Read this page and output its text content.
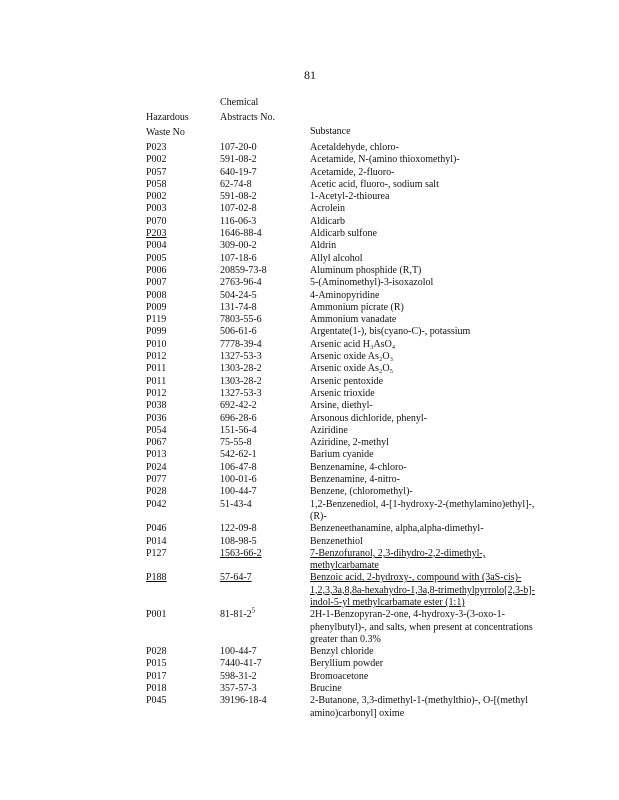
81
Hazardous
Waste No
Chemical
Abstracts No.
Substance
P023	107-20-0	Acetaldehyde, chloro-
P002	591-08-2	Acetamide, N-(amino thioxomethyl)-
P057	640-19-7	Acetamide, 2-fluoro-
P058	62-74-8	Acetic acid, fluoro-, sodium salt
P002	591-08-2	1-Acetyl-2-thiourea
P003	107-02-8	Acrolein
P070	116-06-3	Aldicarb
P203	1646-88-4	Aldicarb sulfone
P004	309-00-2	Aldrin
P005	107-18-6	Allyl alcohol
P006	20859-73-8	Aluminum phosphide (R,T)
P007	2763-96-4	5-(Aminomethyl)-3-isoxazolol
P008	504-24-5	4-Aminopyridine
P009	131-74-8	Ammonium picrate (R)
P119	7803-55-6	Ammonium vanadate
P099	506-61-6	Argentate(1-), bis(cyano-C)-, potassium
P010	7778-39-4	Arsenic acid H₃AsO₄
P012	1327-53-3	Arsenic oxide As₂O₃
P011	1303-28-2	Arsenic oxide As₂O₅
P011	1303-28-2	Arsenic pentoxide
P012	1327-53-3	Arsenic trioxide
P038	692-42-2	Arsine, diethyl-
P036	696-28-6	Arsonous dichloride, phenyl-
P054	151-56-4	Aziridine
P067	75-55-8	Aziridine, 2-methyl
P013	542-62-1	Barium cyanide
P024	106-47-8	Benzenamine, 4-chloro-
P077	100-01-6	Benzenamine, 4-nitro-
P028	100-44-7	Benzene, (chloromethyl)-
P042	51-43-4	1,2-Benzenediol, 4-[1-hydroxy-2-(methylamino)ethyl]-,
(R)-
P046	122-09-8	Benzeneethanamine, alpha,alpha-dimethyl-
P014	108-98-5	Benzenethiol
P127	1563-66-2	7-Benzofuranol, 2,3-dihydro-2,2-dimethyl-,
methylcarbamate
P188	57-64-7	Benzoic acid, 2-hydroxy-, compound with (3aS-cis)-
1,2,3,3a,8,8a-hexahydro-1,3a,8-trimethylpyrrolo[2,3-b]-
indol-5-yl methylcarbamate ester (1:1)
P001	$81-81-2^5$	2H-1-Benzopyran-2-one, 4-hydroxy-3-(3-oxo-1-
phenylbutyl)-, and salts, when present at concentrations
greater than 0.3%
P028	100-44-7	Benzyl chloride
P015	7440-41-7	Beryllium powder
P017	598-31-2	Bromoacetone
P018	357-57-3	Brucine
P045	39196-18-4	2-Butanone, 3,3-dimethyl-1-(methylthio)-, O-[(methyl
amino)carbonyl] oxime
